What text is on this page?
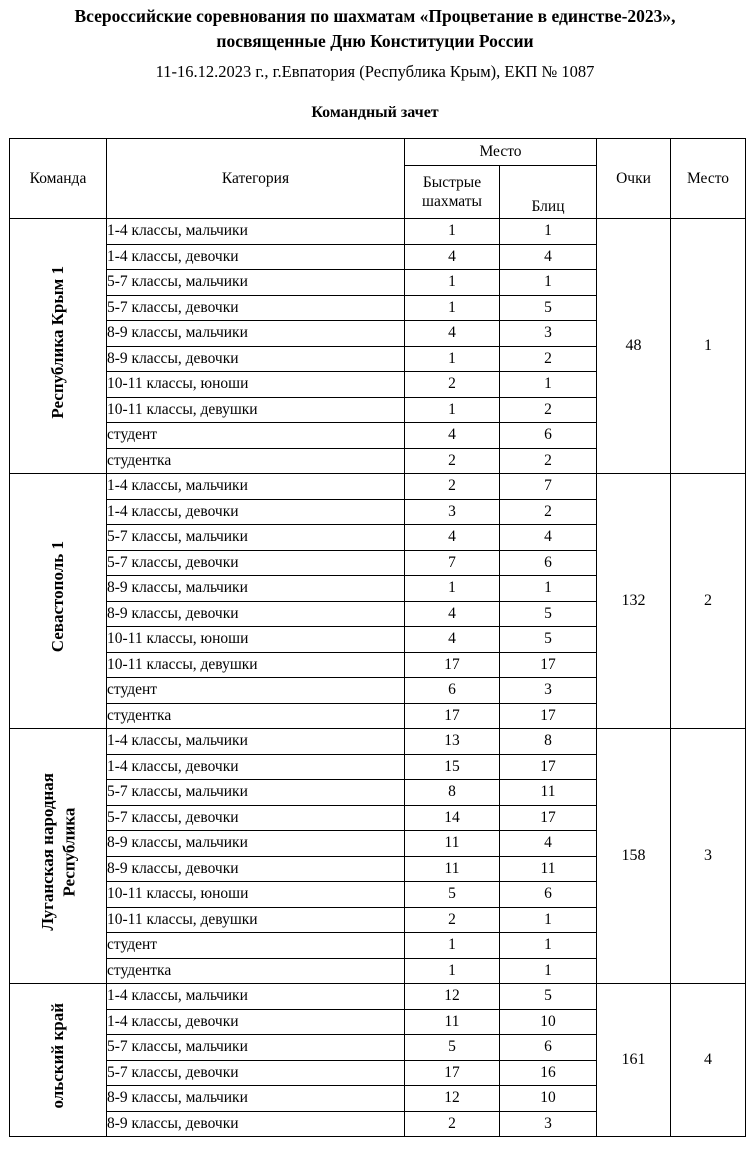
Всероссийские соревнования по шахматам «Процветание в единстве-2023»,
посвященные Дню Конституции России
11-16.12.2023 г., г.Евпатория (Республика Крым), ЕКП № 1087
Командный зачет
Команда	Категория	Место		Очки	Место
		Быстрые шахматы	Блиц		
Республика Крым 1	1-4 классы, мальчики	1	1	48	1
	1-4 классы, девочки	4	4		
	5-7 классы, мальчики	1	1		
	5-7 классы, девочки	1	5		
	8-9 классы, мальчики	4	3		
	8-9 классы, девочки	1	2		
	10-11 классы, юноши	2	1		
	10-11 классы, девушки	1	2		
	студент	4	6		
	студентка	2	2		
Севастополь 1	1-4 классы, мальчики	2	7	132	2
	1-4 классы, девочки	3	2		
	5-7 классы, мальчики	4	4		
	5-7 классы, девочки	7	6		
	8-9 классы, мальчики	1	1		
	8-9 классы, девочки	4	5		
	10-11 классы, юноши	4	5		
	10-11 классы, девушки	17	17		
	студент	6	3		
	студентка	17	17		

Луганская народная Республика	1-4 классы, мальчики	13	8	158	3
	1-4 классы, девочки	15	17		
	5-7 классы, мальчики	8	11		
	5-7 классы, девочки	14	17		
	8-9 классы, мальчики	11	4		
	8-9 классы, девочки	11	11		
	10-11 классы, юноши	5	6		
	10-11 классы, девушки	2	1		
	студент	1	1		
	студентка	1	1		
ольский край	1-4 классы, мальчики	12	5	161	4
	1-4 классы, девочки	11	10		
	5-7 классы, мальчики	5	6		
	5-7 классы, девочки	17	16		
	8-9 классы, мальчики	12	10		
	8-9 классы, девочки	2	3		
